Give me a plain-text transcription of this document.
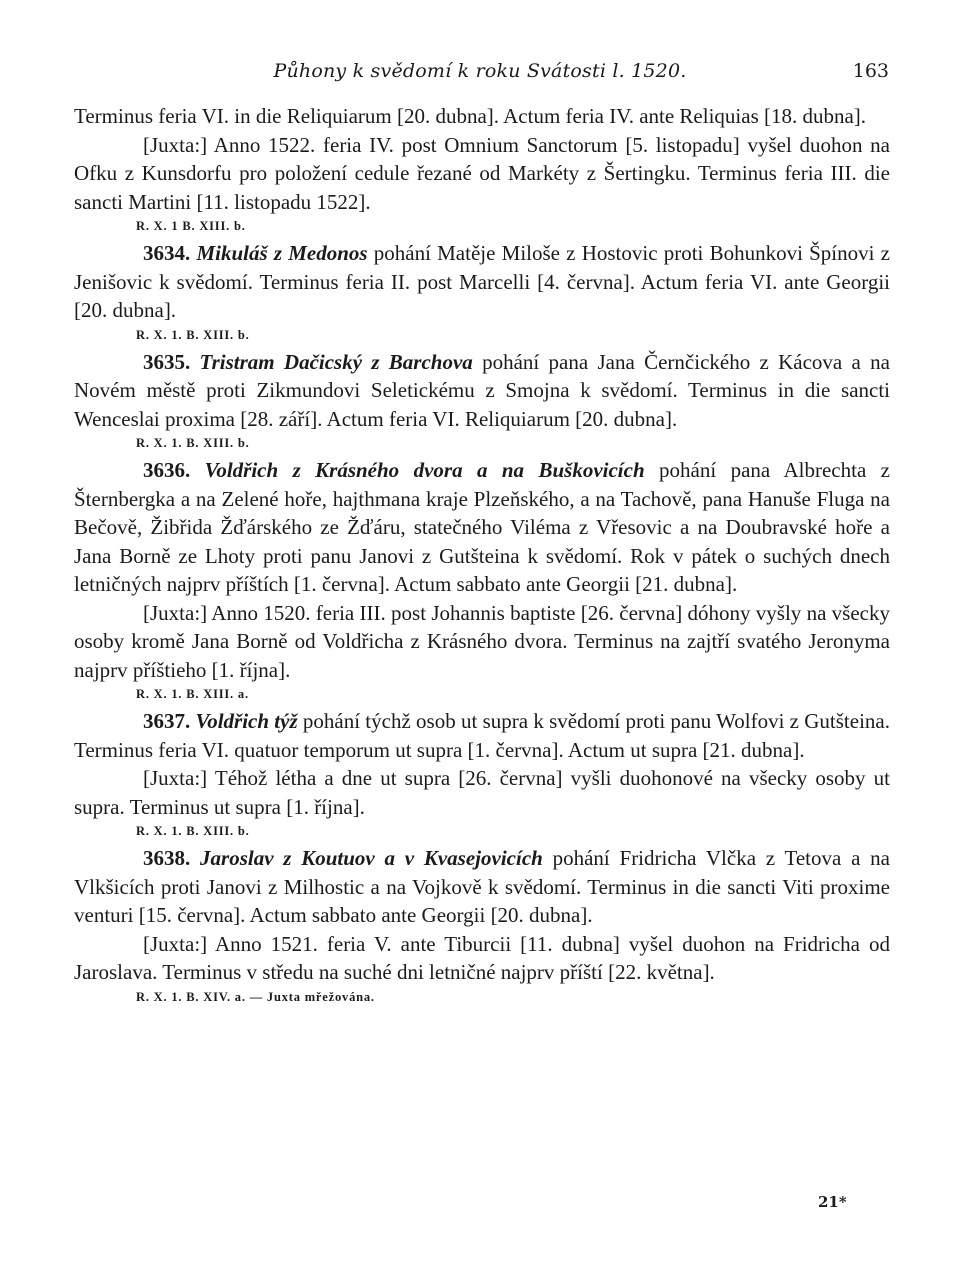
Půhony k svědomí k roku Svátosti l. 1520.	163

Terminus feria VI. in die Reliquiarum [20. dubna]. Actum feria IV. ante Reliquias [18. dubna].

[Juxta:] Anno 1522. feria IV. post Omnium Sanctorum [5. listopadu] vyšel duohon na Ofku z Kunsdorfu pro položení cedule řezané od Markéty z Šertingku. Terminus feria III. die sancti Martini [11. listopadu 1522].

R. X. 1 B. XIII. b.

3634. Mikuláš z Medonos pohání Matěje Miloše z Hostovic proti Bohunkovi Špínovi z Jenišovic k svědomí. Terminus feria II. post Marcelli [4. června]. Actum feria VI. ante Georgii [20. dubna].

R. X. 1. B. XIII. b.

3635. Tristram Dačicský z Barchova pohání pana Jana Černčického z Kácova a na Novém městě proti Zikmundovi Seletickému z Smojna k svědomí. Terminus in die sancti Wenceslai proxima [28. září]. Actum feria VI. Reliquiarum [20. dubna].

R. X. 1. B. XIII. b.

3636. Voldřich z Krásného dvora a na Buškovicích pohání pana Albrechta z Šternbergka a na Zelené hoře, hajthmana kraje Plzeňského, a na Tachově, pana Hanuše Fluga na Bečově, Žibřida Žďárského ze Žďáru, statečného Viléma z Vřesovic a na Doubravské hoře a Jana Borně ze Lhoty proti panu Janovi z Gutšteina k svědomí. Rok v pátek o suchých dnech letničných najprv příštích [1. června]. Actum sabbato ante Georgii [21. dubna].

[Juxta:] Anno 1520. feria III. post Johannis baptiste [26. června] dóhony vyšly na všecky osoby kromě Jana Borně od Voldřicha z Krásného dvora. Terminus na zajtří svatého Jeronyma najprv příštieho [1. října].

R. X. 1. B. XIII. a.

3637. Voldřich týž pohání týchž osob ut supra k svědomí proti panu Wolfovi z Gutšteina. Terminus feria VI. quatuor temporum ut supra [1. června]. Actum ut supra [21. dubna].

[Juxta:] Téhož létha a dne ut supra [26. června] vyšli duohonové na všecky osoby ut supra. Terminus ut supra [1. října].

R. X. 1. B. XIII. b.

3638. Jaroslav z Koutuov a v Kvasejovicích pohání Fridricha Vlčka z Tetova a na Vlkšicích proti Janovi z Milhostic a na Vojkově k svědomí. Terminus in die sancti Viti proxime venturi [15. června]. Actum sabbato ante Georgii [20. dubna].

[Juxta:] Anno 1521. feria V. ante Tiburcii [11. dubna] vyšel duohon na Fridricha od Jaroslava. Terminus v středu na suché dni letničné najprv příští [22. května].

R. X. 1. B. XIV. a. — Juxta mřežována.

21*
